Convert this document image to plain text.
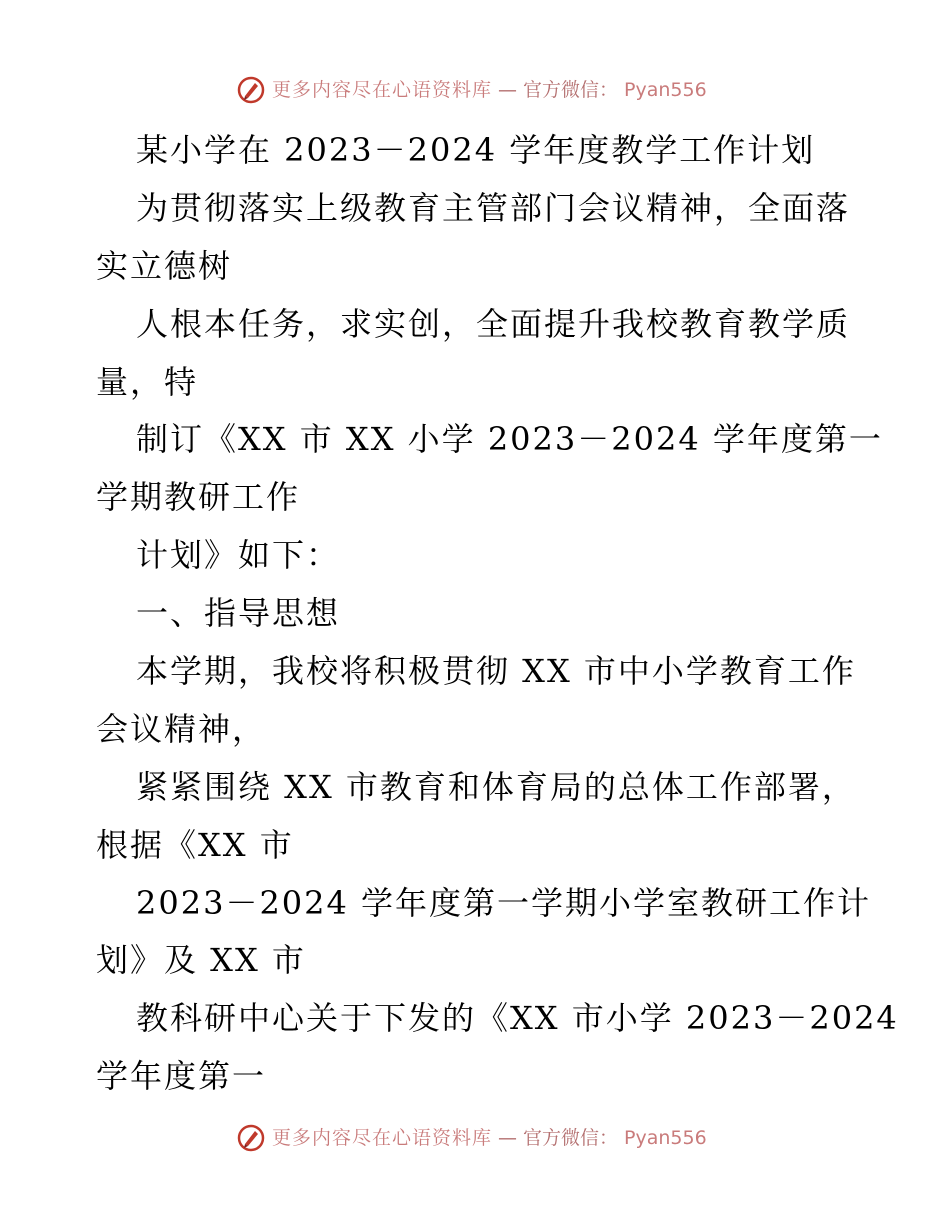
更多内容尽在心语资料库 — 官方微信： Pyan556
某小学在 2023－2024 学年度教学工作计划
为贯彻落实上级教育主管部门会议精神，全面落
实立德树
人根本任务，求实创，全面提升我校教育教学质
量，特
制订《XX 市 XX 小学 2023－2024 学年度第一
学期教研工作
计划》如下：
一、指导思想
本学期，我校将积极贯彻 XX 市中小学教育工作
会议精神，
紧紧围绕 XX 市教育和体育局的总体工作部署，
根据《XX 市
2023－2024 学年度第一学期小学室教研工作计
划》及 XX 市
教科研中心关于下发的《XX 市小学 2023－2024
学年度第一
更多内容尽在心语资料库 — 官方微信： Pyan556
